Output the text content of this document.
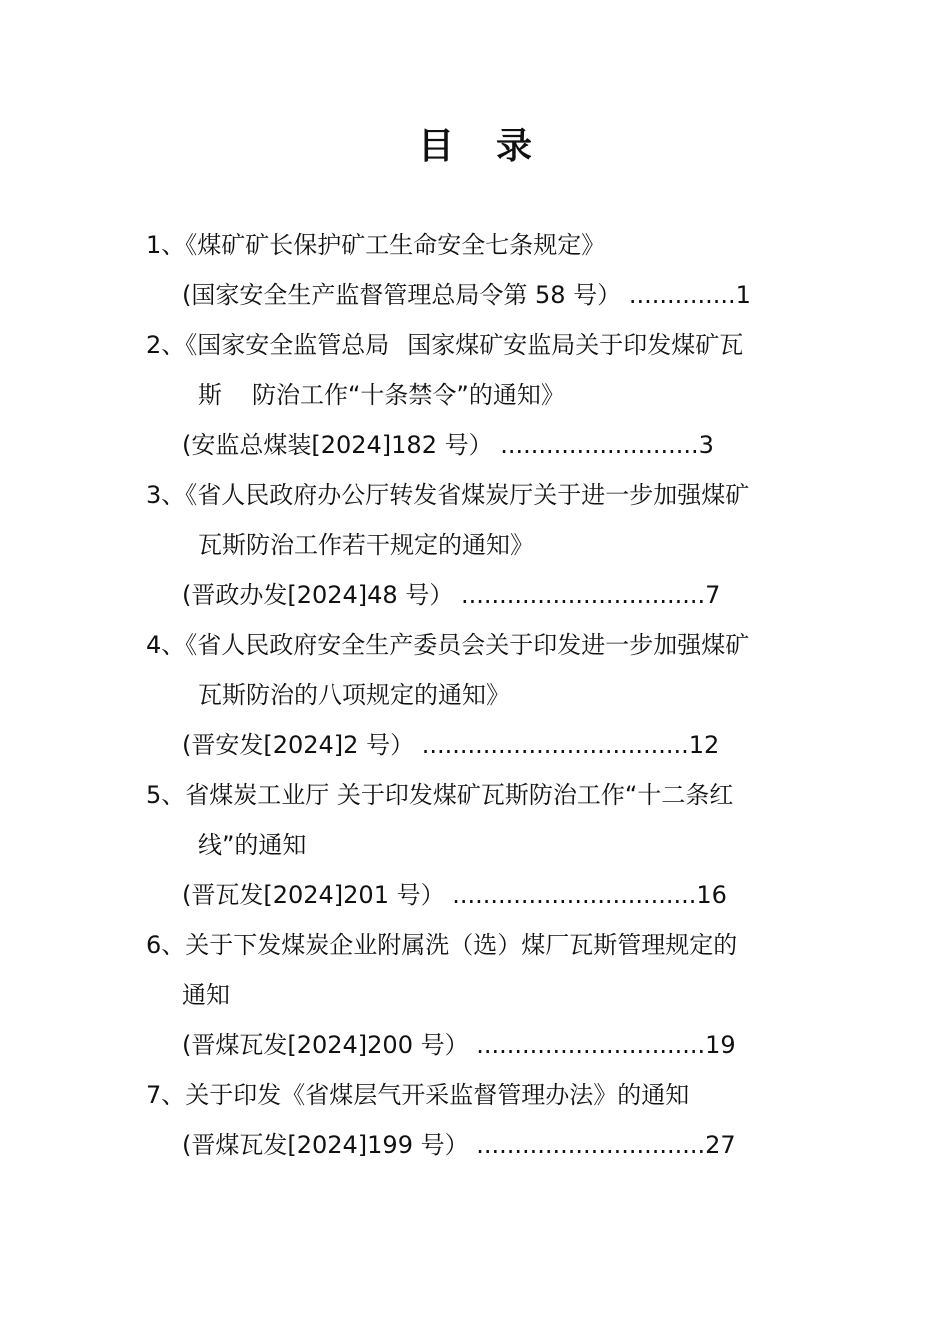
目 录
1、《煤矿矿长保护矿工生命安全七条规定》
(国家安全生产监督管理总局令第 58 号） ..............1
2、《国家安全监管总局 国家煤矿安监局关于印发煤矿瓦
斯 防治工作“十条禁令”的通知》
(安监总煤装[2024]182 号） ..........................3
3、《省人民政府办公厅转发省煤炭厅关于进一步加强煤矿
瓦斯防治工作若干规定的通知》
(晋政办发[2024]48 号） ................................7
4、《省人民政府安全生产委员会关于印发进一步加强煤矿
瓦斯防治的八项规定的通知》
(晋安发[2024]2 号） ...................................12
5、省煤炭工业厅 关于印发煤矿瓦斯防治工作“十二条红
线”的通知
(晋瓦发[2024]201 号） ................................16
6、关于下发煤炭企业附属洗（选）煤厂瓦斯管理规定的
通知
(晋煤瓦发[2024]200 号） ..............................19
7、关于印发《省煤层气开采监督管理办法》的通知
(晋煤瓦发[2024]199 号） ..............................27
